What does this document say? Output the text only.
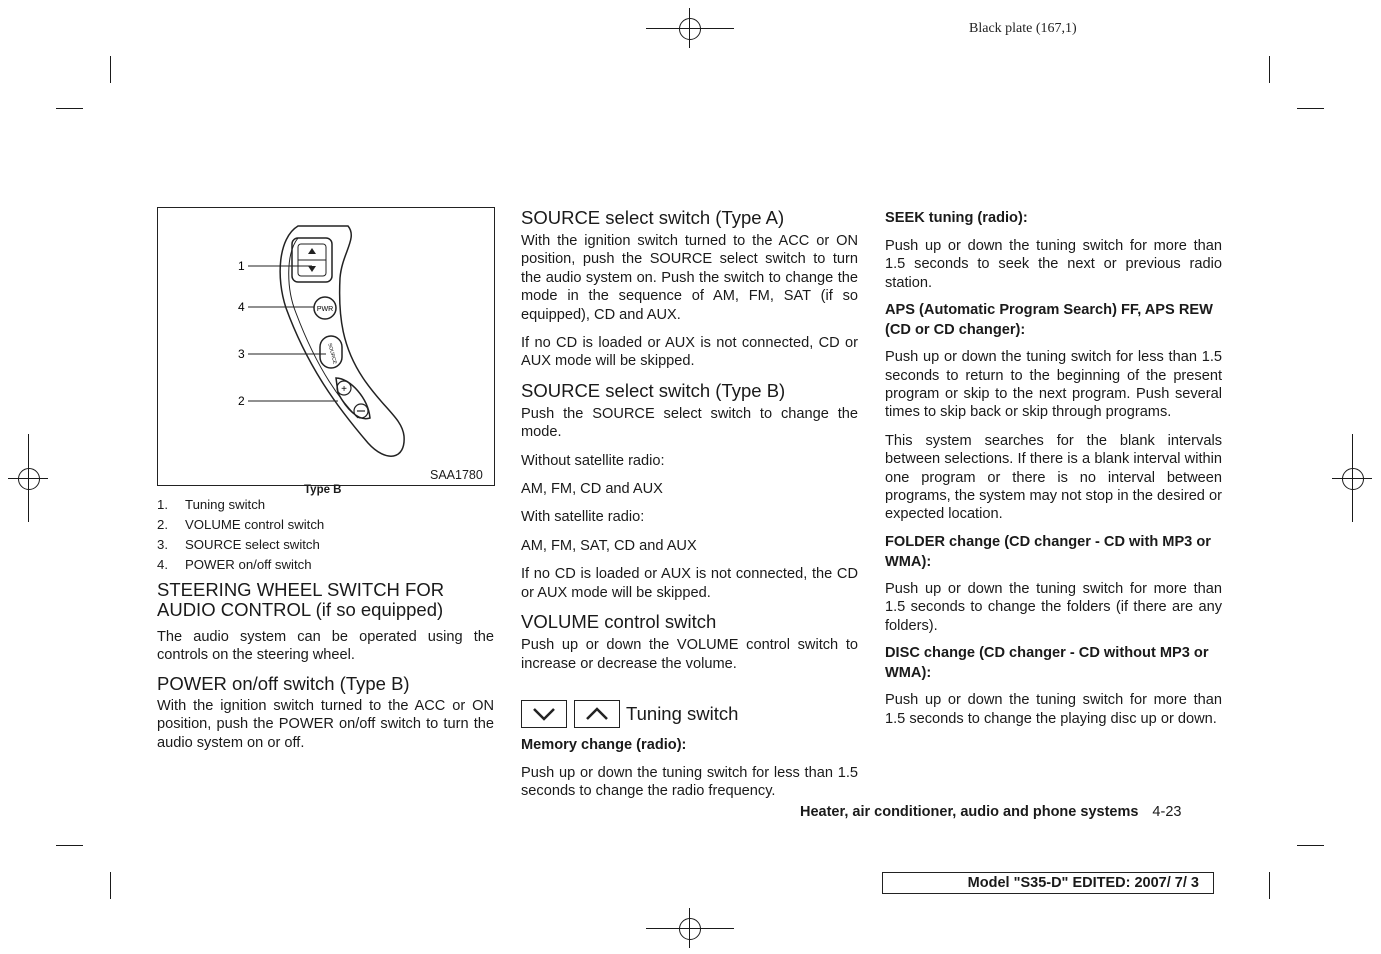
Black plate (167,1)
PWR
SOURCE
+
1
4
3
2
SAA1780
Type B
1. Tuning switch
2. VOLUME control switch
3. SOURCE select switch
4. POWER on/off switch
STEERING WHEEL SWITCH FOR
AUDIO CONTROL (if so equipped)

The audio system can be operated using the controls on the steering wheel.

POWER on/off switch (Type B)

With the ignition switch turned to the ACC or ON position, push the POWER on/off switch to turn the audio system on or off.

SOURCE select switch (Type A)

With the ignition switch turned to the ACC or ON position, push the SOURCE select switch to turn the audio system on. Push the switch to change the mode in the sequence of AM, FM, SAT (if so equipped), CD and AUX.

If no CD is loaded or AUX is not connected, CD or AUX mode will be skipped.

SOURCE select switch (Type B)

Push the SOURCE select switch to change the mode.

Without satellite radio:

AM, FM, CD and AUX

With satellite radio:

AM, FM, SAT, CD and AUX

If no CD is loaded or AUX is not connected, the CD or AUX mode will be skipped.

VOLUME control switch

Push up or down the VOLUME control switch to increase or decrease the volume.

Tuning switch
Memory change (radio):

Push up or down the tuning switch for less than 1.5 seconds to change the radio frequency.

SEEK tuning (radio):

Push up or down the tuning switch for more than 1.5 seconds to seek the next or previous radio station.

APS (Automatic Program Search) FF, APS REW (CD or CD changer):

Push up or down the tuning switch for less than 1.5 seconds to return to the beginning of the present program or skip to the next program. Push several times to skip back or skip through programs.

This system searches for the blank intervals between selections. If there is a blank interval within one program or there is no interval between programs, the system may not stop in the desired or expected location.

FOLDER change (CD changer - CD with MP3 or WMA):

Push up or down the tuning switch for more than 1.5 seconds to change the folders (if there are any folders).

DISC change (CD changer - CD without MP3 or WMA):

Push up or down the tuning switch for more than 1.5 seconds to change the playing disc up or down.

Heater, air conditioner, audio and phone systems 4-23
Model "S35-D" EDITED: 2007/ 7/ 3
